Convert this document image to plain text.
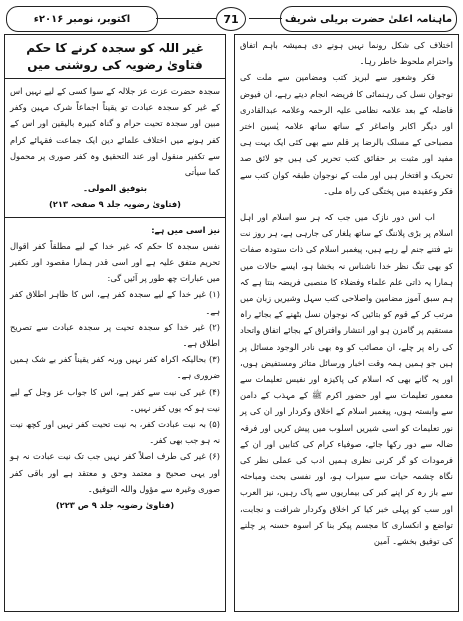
ماہنامہ اعلیٰ حضرت بریلی شریف
71
اکتوبر، نومبر ۲۰۱۶ء

اختلاف کی شکل رونما نہیں ہونے دی ہمیشہ باہم اتفاق واحترام ملحوظ خاطر رہا۔

فکر وشعور سے لبریز کتب ومضامین سے ملت کی نوجوان نسل کی رہنمائی کا فریضہ انجام دیتے رہے، ان فیوض فاضلہ کے بعد علامہ نظامی علیہ الرحمہ وعلامہ عبدالقادری اور دیگر اکابر واصاغر کے ساتھ ساتھ علامہ یٰسین اختر مصباحی کے مسلک بالرضا پر قلم سے بھی کئی ایک بہت ہی مفید اور مثبت بر حقائق کتب تحریر کی ہیں جو لائق صد تحریک و افتخار ہیں اور ملت کے نوجوان طبقہ کوان کتب سے فکر وعقیدہ میں پختگی کی راہ ملی۔

اب اس دور نازک میں جب کہ ہر سو اسلام اور اہل اسلام پر بڑی پلاننگ کے ساتھ یلغار کی جارہی ہے، ہر روز نت نئے فتنے جنم لے رہے ہیں، پیغمبر اسلام کی ذات ستودہ صفات کو بھی تنگ نظر خدا ناشناس نہ بخشا ہو، ایسے حالات میں ہمارا یہ ذاتی علم علماء وفضلاء کا منصبی فریضہ بنتا ہے کہ ہم سبق آموز مضامین واصلاحی کتب سہل وشیریں زبان میں مرتب کر کے قوم کو بتائیں کہ نوجوان نسل بٹھنے کے بجائے راہ مستقیم پر گامزن ہو اور انتشار وافتراق کے بجائے اتفاق واتحاد کی راہ پر چلے، ان مصائب کو وہ بھی نادر الوجود مسائل پر ہیں جو ہمیں ہمہ وقت اخبار ورسائل متاثر ومستفیض ہوں، اور یہ گانے بھی کہ اسلام کی پاکیزہ اور نفیس تعلیمات سے معمور تعلیمات سے اور حضور اکرم ﷺ کے مہذب کے دامن سے وابستہ ہوں، پیغمبر اسلام کے اخلاق وکردار اور ان کی پر نور تعلیمات کو اسی شیریں اسلوب میں پیش کریں اور فرقہ ضالہ سے دور رکھا جائے، صوفیاء کرام کی کتابیں اور ان کے فرمودات کو گر کرنی نظری ہمیں ادب کی عملی نظر کی نگاہ چشمہ حیات سے سیراب ہو، اور نفسی بحث ومباحثہ سے باز رہ کر اپنے کبر کی بیماریوں سے پاک رہیں، نیز العرب اور سب کو پہلی خبر کیا کر اخلاق وکردار شرافت و نجابت، تواضع و انکساری کا مجسم پیکر بنا کر اسوہ حسنہ پر چلنے کی توفیق بخشے۔ آمین

غیر اللہ کو سجدہ کرنے کا حکم فتاویٰ رضویہ کی روشنی میں

سجدہ حضرت عزت عز جلالہ کے سوا کسی کے لیے نہیں اس کے غیر کو سجدہ عبادت تو یقیناً اجماعاً شرک مہین وکفر مبین اور سجدہ تحیت حرام و گناہ کبیرہ بالیقین اور اس کے کفر ہونے میں اختلاف علمائے دین ایک جماعت فقہائے کرام سے تکفیر منقول اور عند التحقیق وہ کفر صوری پر محمول کما سیأتی

بتوفیق المولی۔

(فتاویٰ رضویہ جلد ۹ صفحہ ۲۱۳)

نیز اسی میں ہے:

نفس سجدہ کا حکم کہ غیر خدا کے لیے مطلقاً کفر اقوال تحریم متفق علیہ ہے اور اسی قدر ہمارا مقصود اور تکفیر میں عبارات چھ طور پر آئیں گی:

(۱) غیر خدا کے لیے سجدہ کفر ہے، اس کا ظاہر اطلاق کفر ہے۔

(۲) غیر خدا کو سجدہ تحیت پر سجدہ عبادت سے تصریح اطلاق ہے۔

(۳) بحالیکہ اکراہ کفر نہیں ورنہ کفر یقیناً کفر بے شک ہمیں ضروری ہے۔

(۴) غیر کی نیت سے کفر ہے، اس کا جواب عز وجل کے لیے نیت ہو کہ یوں کفر نہیں۔

(۵) بہ نیت عبادت کفر، بہ نیت تحیت کفر نہیں اور کچھ نیت نہ ہو جب بھی کفر۔

(۶) غیر کی طرف اصلاً کفر نہیں جب تک نیت عبادت نہ ہو اور یہی صحیح و معتمد وحق و معتقد ہے اور باقی کفر صوری وغیرہ سے مؤول واللہ التوفیق۔

(فتاویٰ رضویہ جلد ۹ ص ۲۲۳)
